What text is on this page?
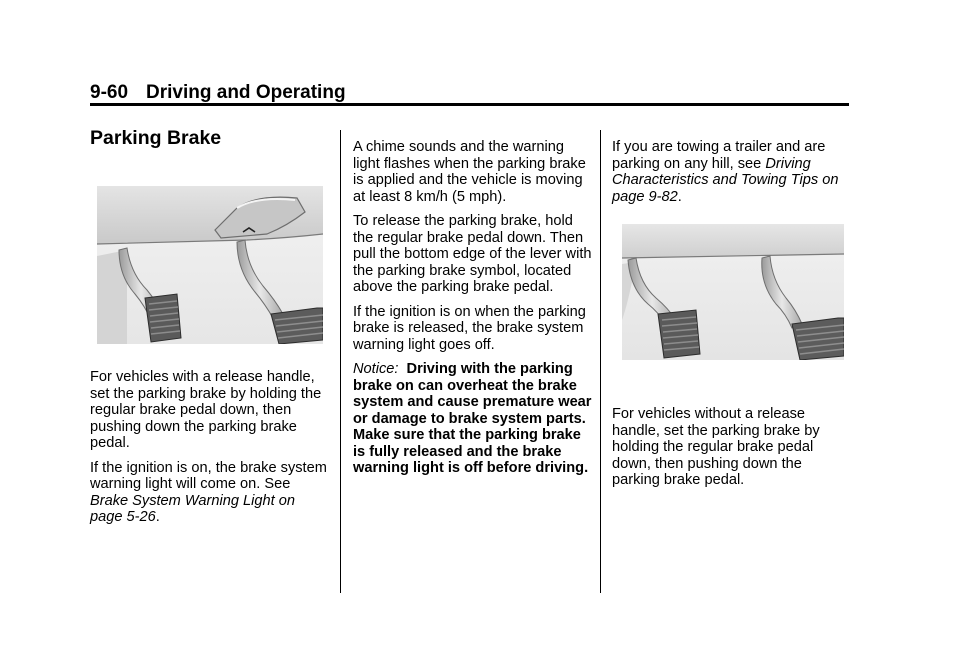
9-60 Driving and Operating
Parking Brake

For vehicles with a release handle, set the parking brake by holding the regular brake pedal down, then pushing down the parking brake pedal.

If the ignition is on, the brake system warning light will come on. See Brake System Warning Light on page 5-26.

A chime sounds and the warning light flashes when the parking brake is applied and the vehicle is moving at least 8 km/h (5 mph).

To release the parking brake, hold the regular brake pedal down. Then pull the bottom edge of the lever with the parking brake symbol, located above the parking brake pedal.

If the ignition is on when the parking brake is released, the brake system warning light goes off.

Notice: Driving with the parking brake on can overheat the brake system and cause premature wear or damage to brake system parts. Make sure that the parking brake is fully released and the brake warning light is off before driving.

If you are towing a trailer and are parking on any hill, see Driving Characteristics and Towing Tips on page 9-82.

For vehicles without a release handle, set the parking brake by holding the regular brake pedal down, then pushing down the parking brake pedal.
